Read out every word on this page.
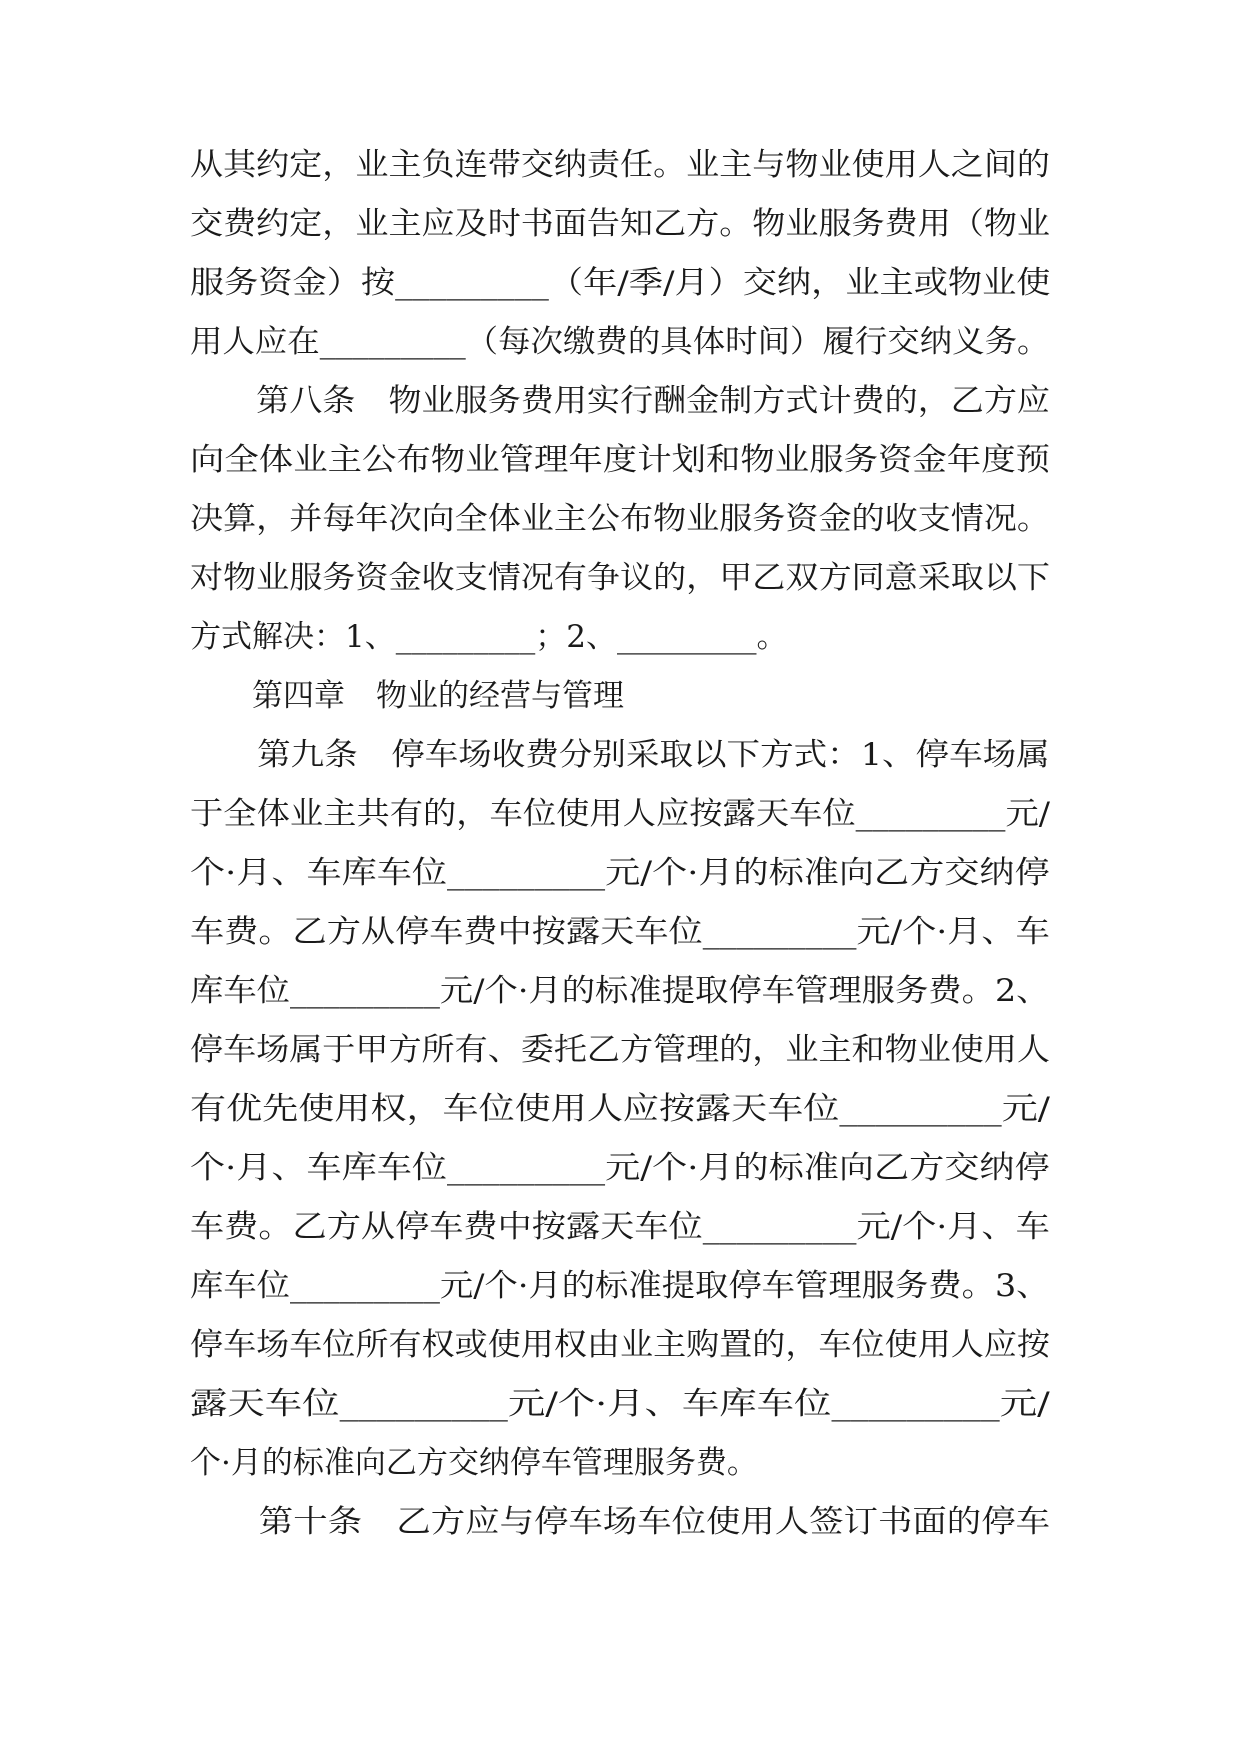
从其约定，业主负连带交纳责任。业主与物业使用人之间的
交费约定，业主应及时书面告知乙方。物业服务费用（物业
服务资金）按_________（年/季/月）交纳，业主或物业使
用人应在_________（每次缴费的具体时间）履行交纳义务。
　　第八条　物业服务费用实行酬金制方式计费的，乙方应
向全体业主公布物业管理年度计划和物业服务资金年度预
决算，并每年次向全体业主公布物业服务资金的收支情况。
对物业服务资金收支情况有争议的，甲乙双方同意采取以下
方式解决：1、_________；2、_________。
　　第四章　物业的经营与管理
　　第九条　停车场收费分别采取以下方式：1、停车场属
于全体业主共有的，车位使用人应按露天车位_________元/
个·月、车库车位_________元/个·月的标准向乙方交纳停
车费。乙方从停车费中按露天车位_________元/个·月、车
库车位_________元/个·月的标准提取停车管理服务费。2、
停车场属于甲方所有、委托乙方管理的，业主和物业使用人
有优先使用权，车位使用人应按露天车位_________元/
个·月、车库车位_________元/个·月的标准向乙方交纳停
车费。乙方从停车费中按露天车位_________元/个·月、车
库车位_________元/个·月的标准提取停车管理服务费。3、
停车场车位所有权或使用权由业主购置的，车位使用人应按
露天车位_________元/个·月、车库车位_________元/
个·月的标准向乙方交纳停车管理服务费。
　　第十条　乙方应与停车场车位使用人签订书面的停车
